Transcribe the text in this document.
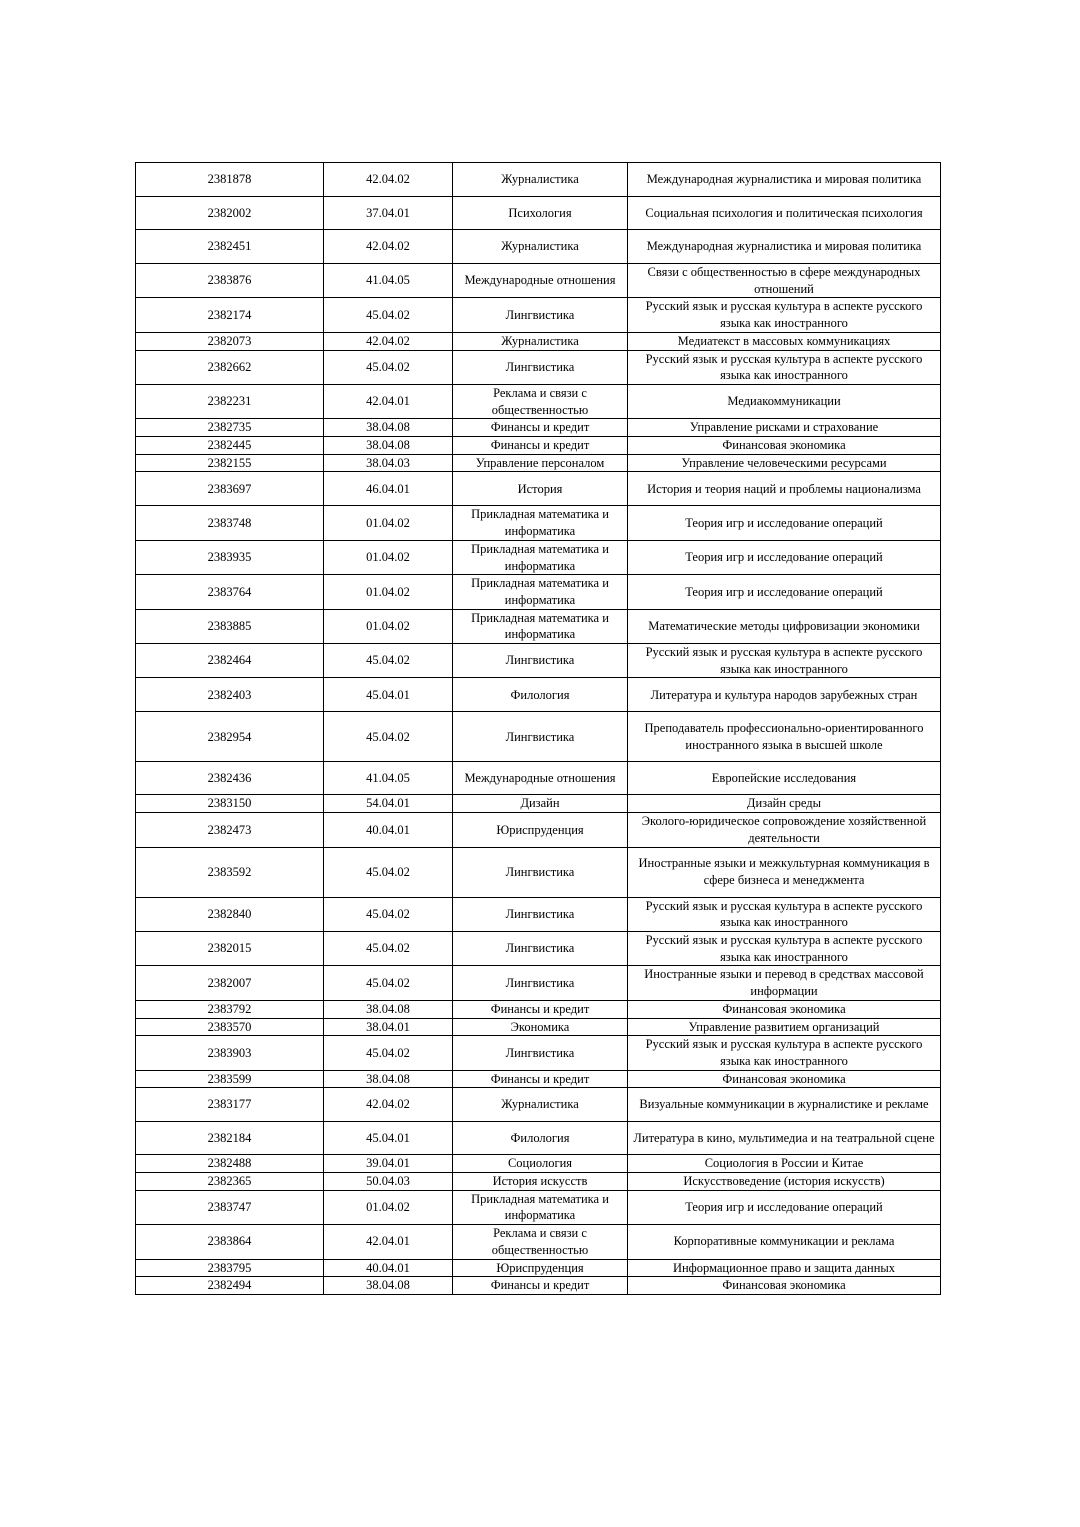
2381878	42.04.02	Журналистика	Международная журналистика и мировая политика
2382002	37.04.01	Психология	Социальная психология и политическая психология
2382451	42.04.02	Журналистика	Международная журналистика и мировая политика
2383876	41.04.05	Международные отношения	Связи с общественностью в сфере международных отношений
2382174	45.04.02	Лингвистика	Русский язык и русская культура в аспекте русского языка как иностранного
2382073	42.04.02	Журналистика	Медиатекст в массовых коммуникациях
2382662	45.04.02	Лингвистика	Русский язык и русская культура в аспекте русского языка как иностранного
2382231	42.04.01	Реклама и связи с общественностью	Медиакоммуникации
2382735	38.04.08	Финансы и кредит	Управление рисками и страхование
2382445	38.04.08	Финансы и кредит	Финансовая экономика
2382155	38.04.03	Управление персоналом	Управление человеческими ресурсами
2383697	46.04.01	История	История и теория наций и проблемы национализма
2383748	01.04.02	Прикладная математика и информатика	Теория игр и исследование операций
2383935	01.04.02	Прикладная математика и информатика	Теория игр и исследование операций
2383764	01.04.02	Прикладная математика и информатика	Теория игр и исследование операций
2383885	01.04.02	Прикладная математика и информатика	Математические методы цифровизации экономики
2382464	45.04.02	Лингвистика	Русский язык и русская культура в аспекте русского языка как иностранного
2382403	45.04.01	Филология	Литература и культура народов зарубежных стран
2382954	45.04.02	Лингвистика	Преподаватель профессионально-ориентированного иностранного языка в высшей школе
2382436	41.04.05	Международные отношения	Европейские исследования
2383150	54.04.01	Дизайн	Дизайн среды
2382473	40.04.01	Юриспруденция	Эколого-юридическое сопровождение хозяйственной деятельности
2383592	45.04.02	Лингвистика	Иностранные языки и межкультурная коммуникация в сфере бизнеса и менеджмента
2382840	45.04.02	Лингвистика	Русский язык и русская культура в аспекте русского языка как иностранного
2382015	45.04.02	Лингвистика	Русский язык и русская культура в аспекте русского языка как иностранного
2382007	45.04.02	Лингвистика	Иностранные языки и перевод в средствах массовой информации
2383792	38.04.08	Финансы и кредит	Финансовая экономика
2383570	38.04.01	Экономика	Управление развитием организаций
2383903	45.04.02	Лингвистика	Русский язык и русская культура в аспекте русского языка как иностранного
2383599	38.04.08	Финансы и кредит	Финансовая экономика
2383177	42.04.02	Журналистика	Визуальные коммуникации в журналистике и рекламе
2382184	45.04.01	Филология	Литература в кино, мультимедиа и на театральной сцене
2382488	39.04.01	Социология	Социология в России и Китае
2382365	50.04.03	История искусств	Искусствоведение (история искусств)
2383747	01.04.02	Прикладная математика и информатика	Теория игр и исследование операций
2383864	42.04.01	Реклама и связи с общественностью	Корпоративные коммуникации и реклама
2383795	40.04.01	Юриспруденция	Информационное право и защита данных
2382494	38.04.08	Финансы и кредит	Финансовая экономика
